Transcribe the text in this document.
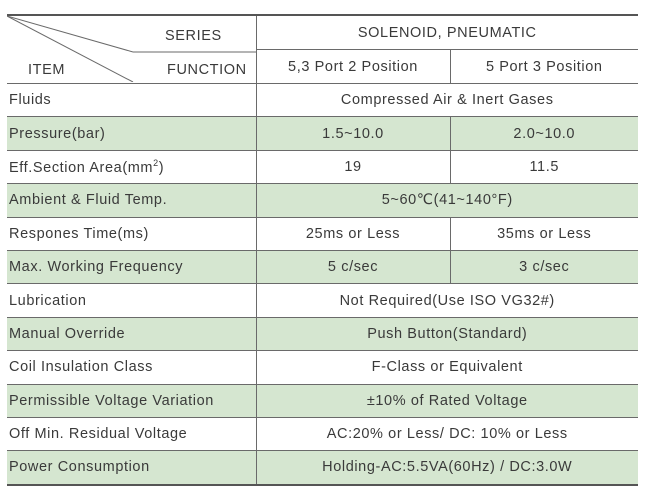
SERIES
ITEM FUNCTION	SOLENOID, PNEUMATIC	
	5,3 Port 2 Position	5 Port 3 Position
Fluids	Compressed Air & Inert Gases	
Pressure(bar)	1.5~10.0	2.0~10.0
Eff.Section $Area(mm^2)$	19	11.5
Ambient & Fluid Temp.	5~60℃(41~140°F)	
Respones Time(ms)	25ms or Less	35ms or Less
Max. Working Frequency	5 c/sec	3 c/sec
Lubrication	Not Required(Use ISO VG32#)	
Manual Override	Push Button(Standard)	
Coil Insulation Class	F-Class or Equivalent	
Permissible Voltage Variation	±10% of Rated Voltage	
Off Min. Residual Voltage	AC:20% or Less/ DC: 10% or Less	
Power Consumption	Holding-AC:5.5VA(60Hz) / DC:3.0W	
